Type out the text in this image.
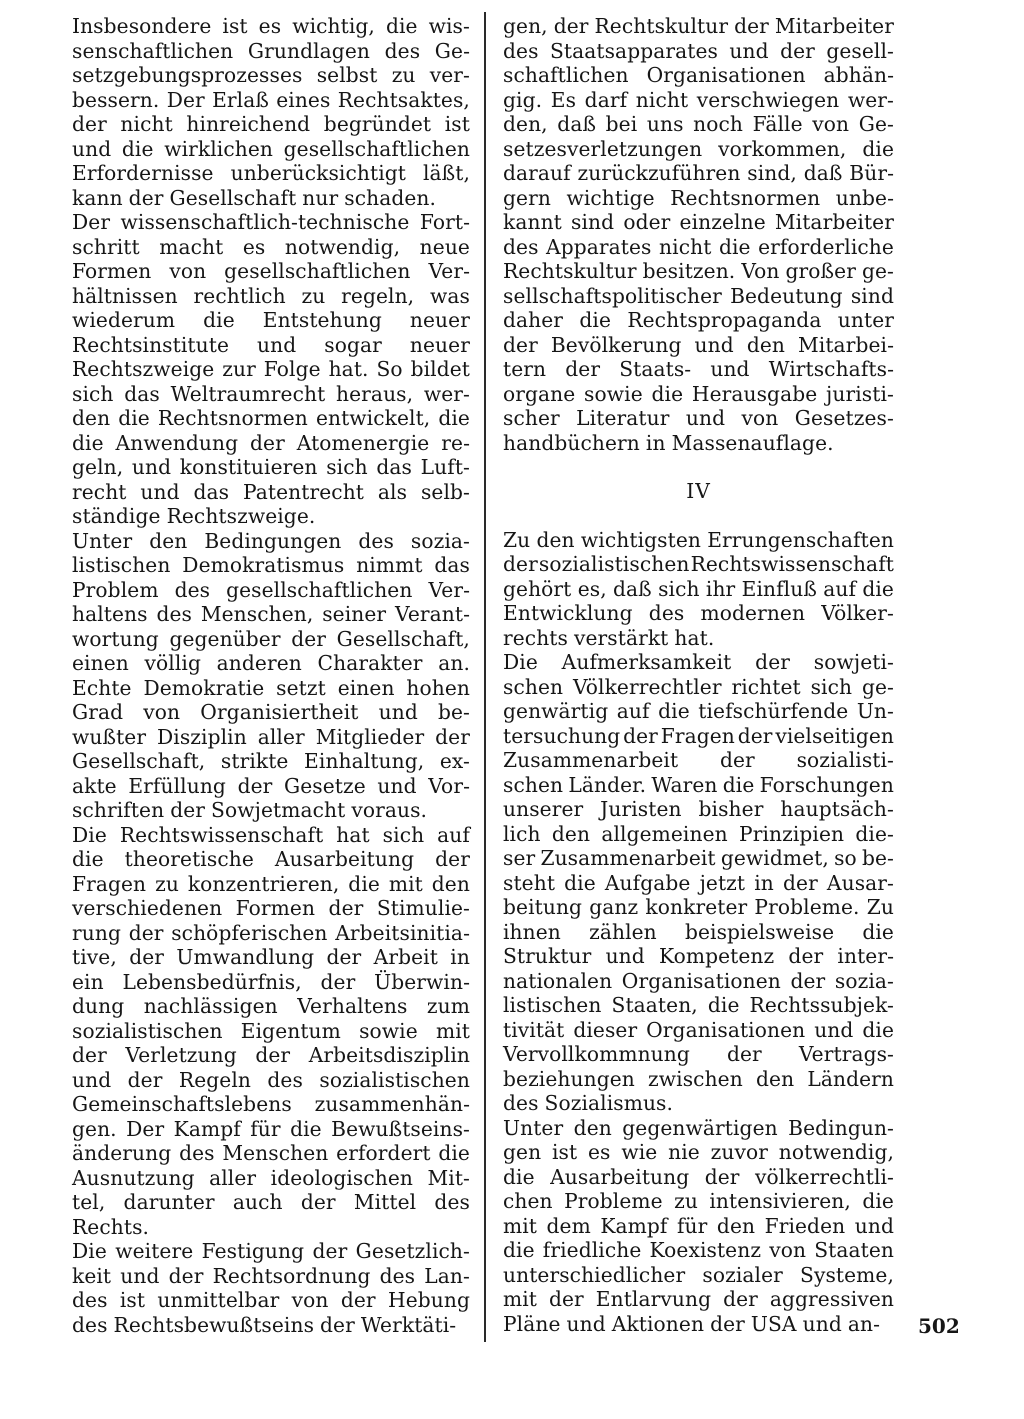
Insbesondere ist es wichtig, die wis-
senschaftlichen Grundlagen des Ge-
setzgebungsprozesses selbst zu ver-
bessern. Der Erlaß eines Rechtsaktes,
der nicht hinreichend begründet ist
und die wirklichen gesellschaftlichen
Erfordernisse unberücksichtigt läßt,
kann der Gesellschaft nur schaden.
Der wissenschaftlich-technische Fort-
schritt macht es notwendig, neue
Formen von gesellschaftlichen Ver-
hältnissen rechtlich zu regeln, was
wiederum die Entstehung neuer
Rechtsinstitute und sogar neuer
Rechtszweige zur Folge hat. So bildet
sich das Weltraumrecht heraus, wer-
den die Rechtsnormen entwickelt, die
die Anwendung der Atomenergie re-
geln, und konstituieren sich das Luft-
recht und das Patentrecht als selb-
ständige Rechtszweige.
Unter den Bedingungen des sozia-
listischen Demokratismus nimmt das
Problem des gesellschaftlichen Ver-
haltens des Menschen, seiner Verant-
wortung gegenüber der Gesellschaft,
einen völlig anderen Charakter an.
Echte Demokratie setzt einen hohen
Grad von Organisiertheit und be-
wußter Disziplin aller Mitglieder der
Gesellschaft, strikte Einhaltung, ex-
akte Erfüllung der Gesetze und Vor-
schriften der Sowjetmacht voraus.
Die Rechtswissenschaft hat sich auf
die theoretische Ausarbeitung der
Fragen zu konzentrieren, die mit den
verschiedenen Formen der Stimulie-
rung der schöpferischen Arbeitsinitia-
tive, der Umwandlung der Arbeit in
ein Lebensbedürfnis, der Überwin-
dung nachlässigen Verhaltens zum
sozialistischen Eigentum sowie mit
der Verletzung der Arbeitsdisziplin
und der Regeln des sozialistischen
Gemeinschaftslebens zusammenhän-
gen. Der Kampf für die Bewußtseins-
änderung des Menschen erfordert die
Ausnutzung aller ideologischen Mit-
tel, darunter auch der Mittel des
Rechts.
Die weitere Festigung der Gesetzlich-
keit und der Rechtsordnung des Lan-
des ist unmittelbar von der Hebung
des Rechtsbewußtseins der Werktäti-
gen, der Rechtskultur der Mitarbeiter
des Staatsapparates und der gesell-
schaftlichen Organisationen abhän-
gig. Es darf nicht verschwiegen wer-
den, daß bei uns noch Fälle von Ge-
setzesverletzungen vorkommen, die
darauf zurückzuführen sind, daß Bür-
gern wichtige Rechtsnormen unbe-
kannt sind oder einzelne Mitarbeiter
des Apparates nicht die erforderliche
Rechtskultur besitzen. Von großer ge-
sellschaftspolitischer Bedeutung sind
daher die Rechtspropaganda unter
der Bevölkerung und den Mitarbei-
tern der Staats- und Wirtschafts-
organe sowie die Herausgabe juristi-
scher Literatur und von Gesetzes-
handbüchern in Massenauflage.
IV
Zu den wichtigsten Errungenschaften
der sozialistischen Rechtswissenschaft
gehört es, daß sich ihr Einfluß auf die
Entwicklung des modernen Völker-
rechts verstärkt hat.
Die Aufmerksamkeit der sowjeti-
schen Völkerrechtler richtet sich ge-
genwärtig auf die tiefschürfende Un-
tersuchung der Fragen der vielseitigen
Zusammenarbeit der sozialisti-
schen Länder. Waren die Forschungen
unserer Juristen bisher hauptsäch-
lich den allgemeinen Prinzipien die-
ser Zusammenarbeit gewidmet, so be-
steht die Aufgabe jetzt in der Ausar-
beitung ganz konkreter Probleme. Zu
ihnen zählen beispielsweise die
Struktur und Kompetenz der inter-
nationalen Organisationen der sozia-
listischen Staaten, die Rechtssubjek-
tivität dieser Organisationen und die
Vervollkommnung der Vertrags-
beziehungen zwischen den Ländern
des Sozialismus.
Unter den gegenwärtigen Bedingun-
gen ist es wie nie zuvor notwendig,
die Ausarbeitung der völkerrechtli-
chen Probleme zu intensivieren, die
mit dem Kampf für den Frieden und
die friedliche Koexistenz von Staaten
unterschiedlicher sozialer Systeme,
mit der Entlarvung der aggressiven
Pläne und Aktionen der USA und an- 502
